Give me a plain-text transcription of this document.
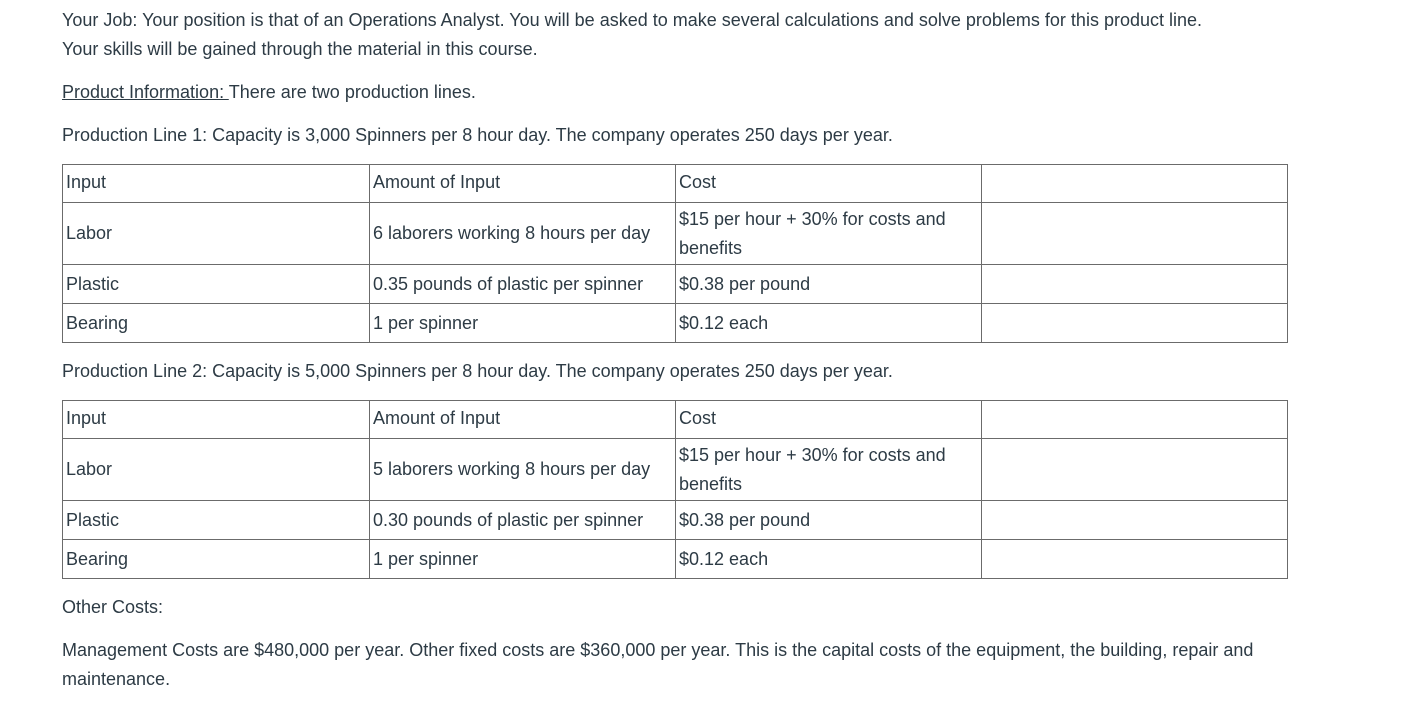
Your Job: Your position is that of an Operations Analyst. You will be asked to make several calculations and solve problems for this product line.
Your skills will be gained through the material in this course.

Product Information: There are two production lines.

Production Line 1: Capacity is 3,000 Spinners per 8 hour day. The company operates 250 days per year.

Input	Amount of Input	Cost	
Labor	6 laborers working 8 hours per day	$15 per hour + 30% for costs and benefits	
Plastic	0.35 pounds of plastic per spinner	$0.38 per pound	
Bearing	1 per spinner	$0.12 each	

Production Line 2: Capacity is 5,000 Spinners per 8 hour day. The company operates 250 days per year.

Input	Amount of Input	Cost	
Labor	5 laborers working 8 hours per day	$15 per hour + 30% for costs and benefits	
Plastic	0.30 pounds of plastic per spinner	$0.38 per pound	
Bearing	1 per spinner	$0.12 each	

Other Costs:

Management Costs are $480,000 per year. Other fixed costs are $360,000 per year. This is the capital costs of the equipment, the building, repair and maintenance.
